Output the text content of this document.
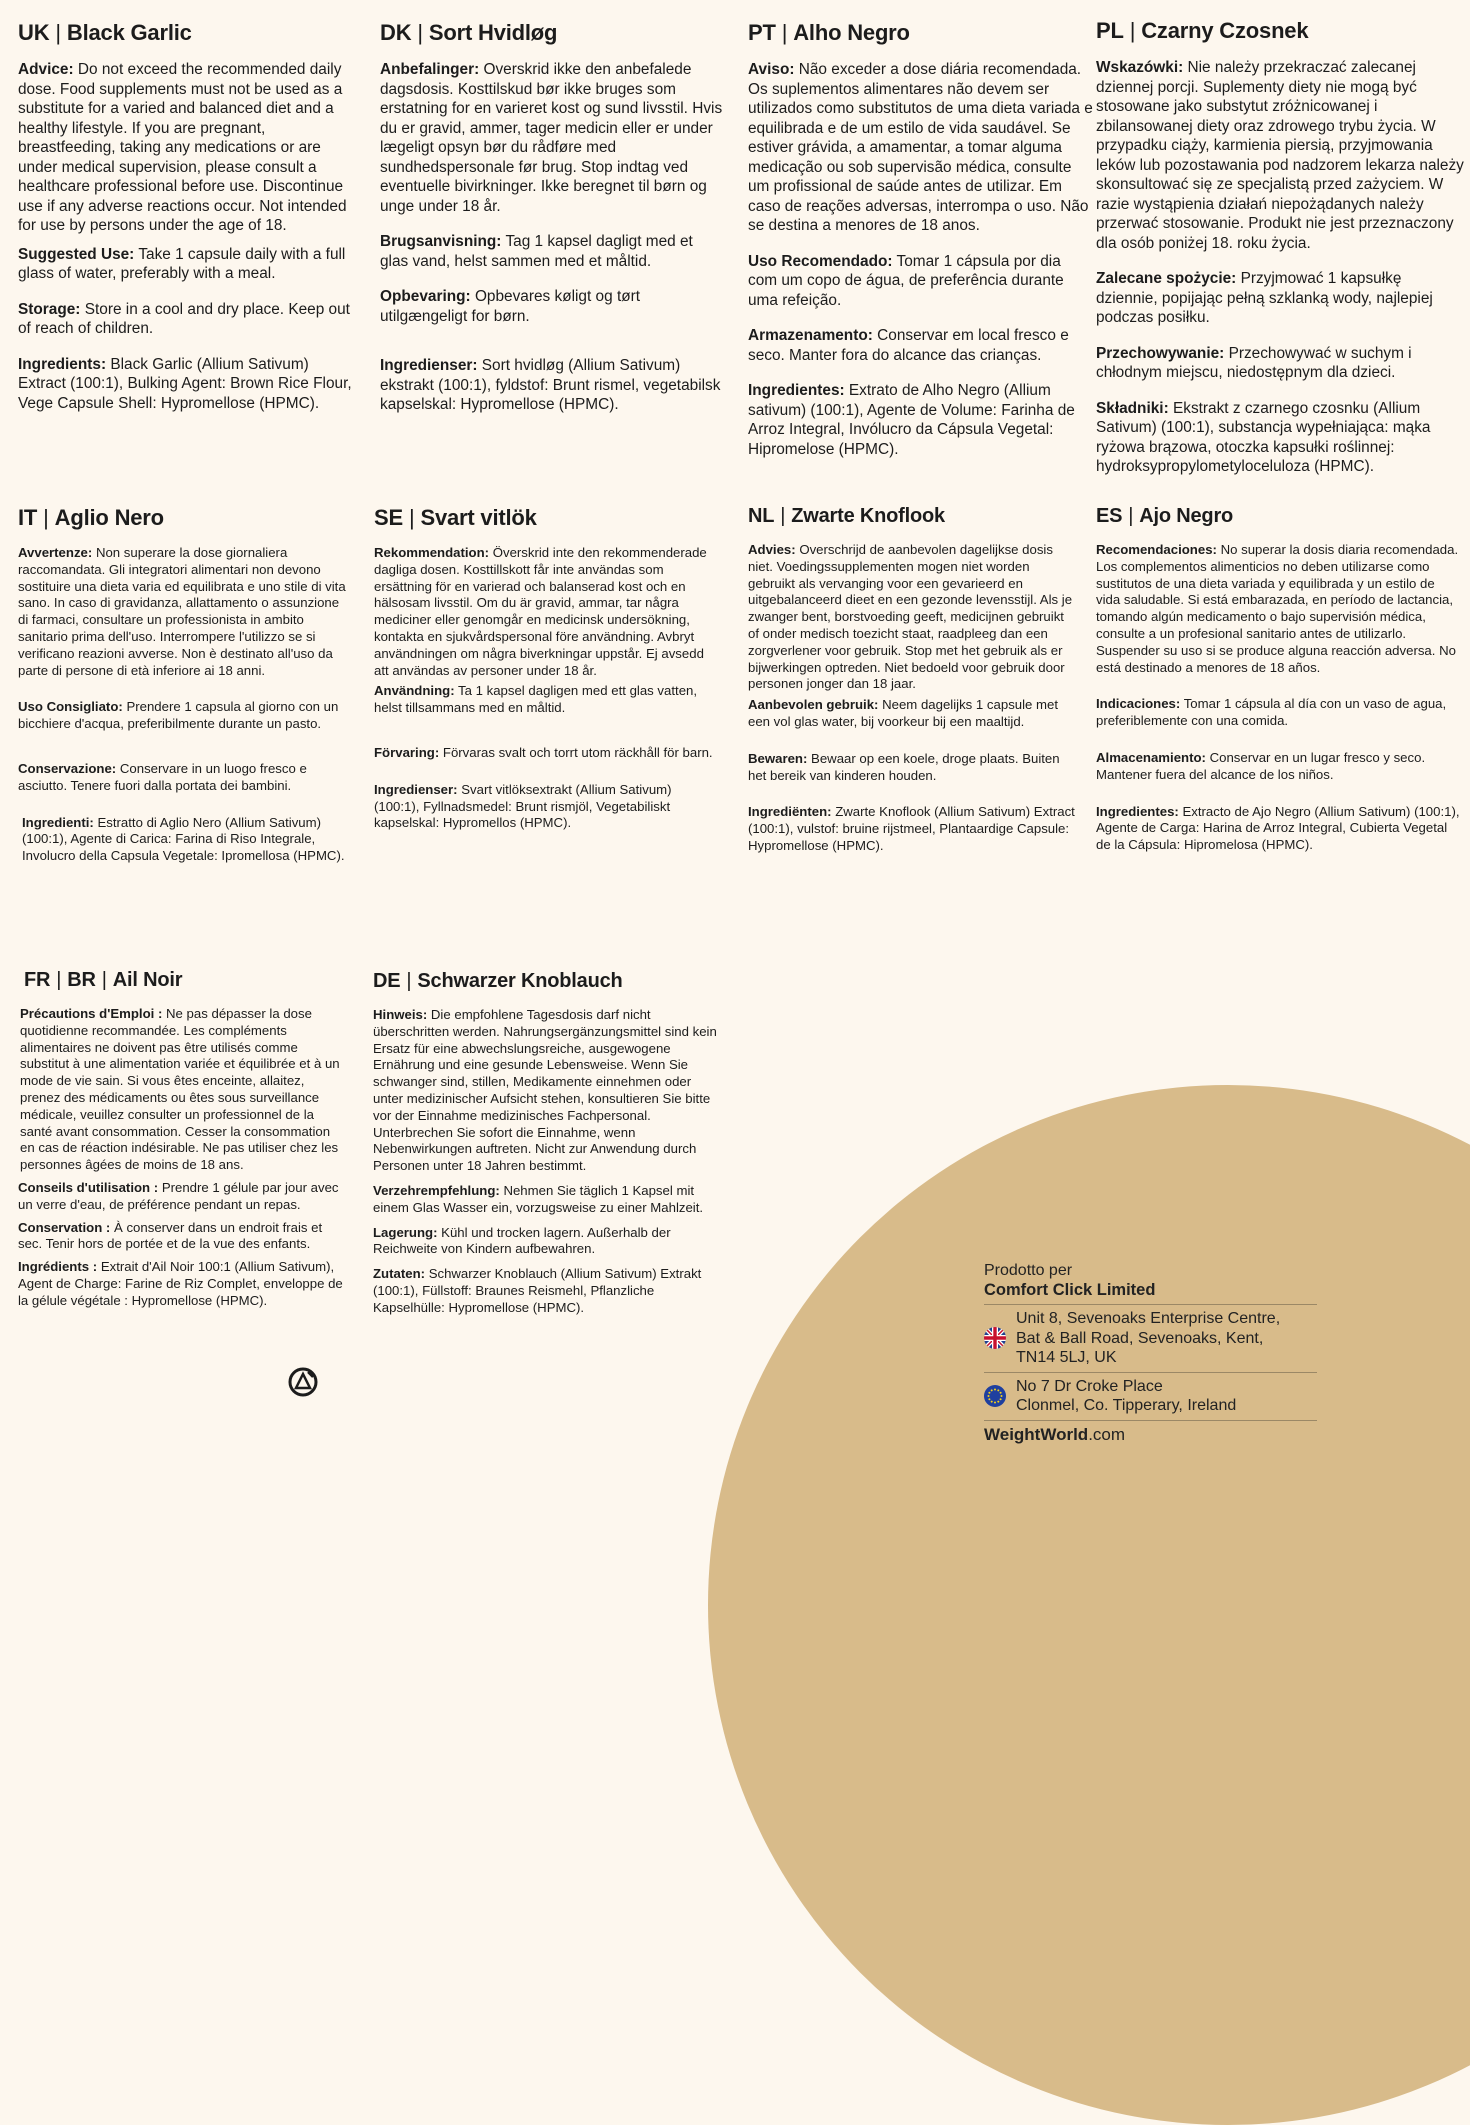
UK | Black Garlic

Advice: Do not exceed the recommended daily dose. Food supplements must not be used as a substitute for a varied and balanced diet and a healthy lifestyle. If you are pregnant, breastfeeding, taking any medications or are under medical supervision, please consult a healthcare professional before use. Discontinue use if any adverse reactions occur. Not intended for use by persons under the age of 18.

Suggested Use: Take 1 capsule daily with a full glass of water, preferably with a meal.

Storage: Store in a cool and dry place. Keep out of reach of children.

Ingredients: Black Garlic (Allium Sativum) Extract (100:1), Bulking Agent: Brown Rice Flour, Vege Capsule Shell: Hypromellose (HPMC).

DK | Sort Hvidløg

Anbefalinger: Overskrid ikke den anbefalede dagsdosis. Kosttilskud bør ikke bruges som erstatning for en varieret kost og sund livsstil. Hvis du er gravid, ammer, tager medicin eller er under lægeligt opsyn bør du rådføre med sundhedspersonale før brug. Stop indtag ved eventuelle bivirkninger. Ikke beregnet til børn og unge under 18 år.

Brugsanvisning: Tag 1 kapsel dagligt med et glas vand, helst sammen med et måltid.

Opbevaring: Opbevares køligt og tørt utilgængeligt for børn.

Ingredienser: Sort hvidløg (Allium Sativum) ekstrakt (100:1), fyldstof: Brunt rismel, vegetabilsk kapselskal: Hypromellose (HPMC).

PT | Alho Negro

Aviso: Não exceder a dose diária recomendada. Os suplementos alimentares não devem ser utilizados como substitutos de uma dieta variada e equilibrada e de um estilo de vida saudável. Se estiver grávida, a amamentar, a tomar alguma medicação ou sob supervisão médica, consulte um profissional de saúde antes de utilizar. Em caso de reações adversas, interrompa o uso. Não se destina a menores de 18 anos.

Uso Recomendado: Tomar 1 cápsula por dia com um copo de água, de preferência durante uma refeição.

Armazenamento: Conservar em local fresco e seco. Manter fora do alcance das crianças.

Ingredientes: Extrato de Alho Negro (Allium sativum) (100:1), Agente de Volume: Farinha de Arroz Integral, Invólucro da Cápsula Vegetal: Hipromelose (HPMC).

PL | Czarny Czosnek

Wskazówki: Nie należy przekraczać zalecanej dziennej porcji. Suplementy diety nie mogą być stosowane jako substytut zróżnicowanej i zbilansowanej diety oraz zdrowego trybu życia. W przypadku ciąży, karmienia piersią, przyjmowania leków lub pozostawania pod nadzorem lekarza należy skonsultować się ze specjalistą przed zażyciem. W razie wystąpienia działań niepożądanych należy przerwać stosowanie. Produkt nie jest przeznaczony dla osób poniżej 18. roku życia.

Zalecane spożycie: Przyjmować 1 kapsułkę dziennie, popijając pełną szklanką wody, najlepiej podczas posiłku.

Przechowywanie: Przechowywać w suchym i chłodnym miejscu, niedostępnym dla dzieci.

Składniki: Ekstrakt z czarnego czosnku (Allium Sativum) (100:1), substancja wypełniająca: mąka ryżowa brązowa, otoczka kapsułki roślinnej: hydroksypropylometyloceluloza (HPMC).

IT | Aglio Nero

Avvertenze: Non superare la dose giornaliera raccomandata. Gli integratori alimentari non devono sostituire una dieta varia ed equilibrata e uno stile di vita sano. In caso di gravidanza, allattamento o assunzione di farmaci, consultare un professionista in ambito sanitario prima dell'uso. Interrompere l'utilizzo se si verificano reazioni avverse. Non è destinato all'uso da parte di persone di età inferiore ai 18 anni.

Uso Consigliato: Prendere 1 capsula al giorno con un bicchiere d'acqua, preferibilmente durante un pasto.

Conservazione: Conservare in un luogo fresco e asciutto. Tenere fuori dalla portata dei bambini.

Ingredienti: Estratto di Aglio Nero (Allium Sativum) (100:1), Agente di Carica: Farina di Riso Integrale, Involucro della Capsula Vegetale: Ipromellosa (HPMC).

SE | Svart vitlök

Rekommendation: Överskrid inte den rekommenderade dagliga dosen. Kosttillskott får inte användas som ersättning för en varierad och balanserad kost och en hälsosam livsstil. Om du är gravid, ammar, tar några mediciner eller genomgår en medicinsk undersökning, kontakta en sjukvårdspersonal före användning. Avbryt användningen om några biverkningar uppstår. Ej avsedd att användas av personer under 18 år.

Användning: Ta 1 kapsel dagligen med ett glas vatten, helst tillsammans med en måltid.

Förvaring: Förvaras svalt och torrt utom räckhåll för barn.

Ingredienser: Svart vitlöksextrakt (Allium Sativum) (100:1), Fyllnadsmedel: Brunt rismjöl, Vegetabiliskt kapselskal: Hypromellos (HPMC).

NL | Zwarte Knoflook

Advies: Overschrijd de aanbevolen dagelijkse dosis niet. Voedingssupplementen mogen niet worden gebruikt als vervanging voor een gevarieerd en uitgebalanceerd dieet en een gezonde levensstijl. Als je zwanger bent, borstvoeding geeft, medicijnen gebruikt of onder medisch toezicht staat, raadpleeg dan een zorgverlener voor gebruik. Stop met het gebruik als er bijwerkingen optreden. Niet bedoeld voor gebruik door personen jonger dan 18 jaar.

Aanbevolen gebruik: Neem dagelijks 1 capsule met een vol glas water, bij voorkeur bij een maaltijd.

Bewaren: Bewaar op een koele, droge plaats. Buiten het bereik van kinderen houden.

Ingrediënten: Zwarte Knoflook (Allium Sativum) Extract (100:1), vulstof: bruine rijstmeel, Plantaardige Capsule: Hypromellose (HPMC).

ES | Ajo Negro

Recomendaciones: No superar la dosis diaria recomendada. Los complementos alimenticios no deben utilizarse como sustitutos de una dieta variada y equilibrada y un estilo de vida saludable. Si está embarazada, en período de lactancia, tomando algún medicamento o bajo supervisión médica, consulte a un profesional sanitario antes de utilizarlo. Suspender su uso si se produce alguna reacción adversa. No está destinado a menores de 18 años.

Indicaciones: Tomar 1 cápsula al día con un vaso de agua, preferiblemente con una comida.

Almacenamiento: Conservar en un lugar fresco y seco. Mantener fuera del alcance de los niños.

Ingredientes: Extracto de Ajo Negro (Allium Sativum) (100:1), Agente de Carga: Harina de Arroz Integral, Cubierta Vegetal de la Cápsula: Hipromelosa (HPMC).

FR | BR | Ail Noir

Précautions d'Emploi : Ne pas dépasser la dose quotidienne recommandée. Les compléments alimentaires ne doivent pas être utilisés comme substitut à une alimentation variée et équilibrée et à un mode de vie sain. Si vous êtes enceinte, allaitez, prenez des médicaments ou êtes sous surveillance médicale, veuillez consulter un professionnel de la santé avant consommation. Cesser la consommation en cas de réaction indésirable. Ne pas utiliser chez les personnes âgées de moins de 18 ans.

Conseils d'utilisation : Prendre 1 gélule par jour avec un verre d'eau, de préférence pendant un repas.

Conservation : À conserver dans un endroit frais et sec. Tenir hors de portée et de la vue des enfants.

Ingrédients : Extrait d'Ail Noir 100:1 (Allium Sativum), Agent de Charge: Farine de Riz Complet, enveloppe de la gélule végétale : Hypromellose (HPMC).

DE | Schwarzer Knoblauch

Hinweis: Die empfohlene Tagesdosis darf nicht überschritten werden. Nahrungsergänzungsmittel sind kein Ersatz für eine abwechslungsreiche, ausgewogene Ernährung und eine gesunde Lebensweise. Wenn Sie schwanger sind, stillen, Medikamente einnehmen oder unter medizinischer Aufsicht stehen, konsultieren Sie bitte vor der Einnahme medizinisches Fachpersonal. Unterbrechen Sie sofort die Einnahme, wenn Nebenwirkungen auftreten. Nicht zur Anwendung durch Personen unter 18 Jahren bestimmt.

Verzehrempfehlung: Nehmen Sie täglich 1 Kapsel mit einem Glas Wasser ein, vorzugsweise zu einer Mahlzeit.

Lagerung: Kühl und trocken lagern. Außerhalb der Reichweite von Kindern aufbewahren.

Zutaten: Schwarzer Knoblauch (Allium Sativum) Extrakt (100:1), Füllstoff: Braunes Reismehl, Pflanzliche Kapselhülle: Hypromellose (HPMC).

Prodotto per
Comfort Click Limited
Unit 8, Sevenoaks Enterprise Centre,
Bat & Ball Road, Sevenoaks, Kent,
TN14 5LJ, UK
No 7 Dr Croke Place
Clonmel, Co. Tipperary, Ireland
WeightWorld.com
